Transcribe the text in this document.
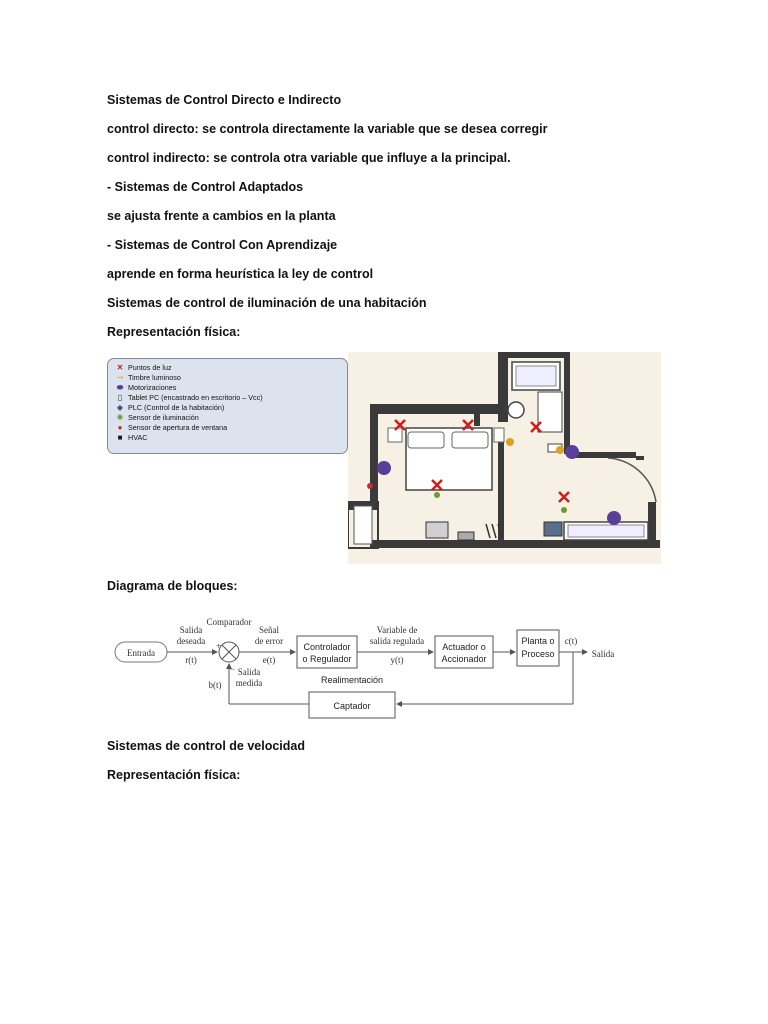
Sistemas de Control Directo e Indirecto
control directo: se controla directamente la variable que se desea corregir
control indirecto: se controla otra variable que influye a la principal.
- Sistemas de Control Adaptados
se ajusta frente a cambios en la planta
- Sistemas de Control Con Aprendizaje
aprende en forma heurística la ley de control
Sistemas de control de iluminación de una habitación
Representación física:
✕ Puntos de luz
⊸ Timbre luminoso
⬬ Motorizaciones
▯ Tablet PC (encastrado en escritorio – Vcc)
◆ PLC (Control de la habitación)
✺ Sensor de iluminación
● Sensor de apertura de ventana
■ HVAC
Diagrama de bloques:
Entrada
Salida
deseada
r(t)
Comparador
+
−
Señal
de error
e(t)
Controlador
o Regulador
Variable de
salida regulada
y(t)
Actuador o
Accionador
Planta o
Proceso
c(t)
Salida
Captador
Realimentación
Salida
medida
b(t)
Sistemas de control de velocidad
Representación física:
